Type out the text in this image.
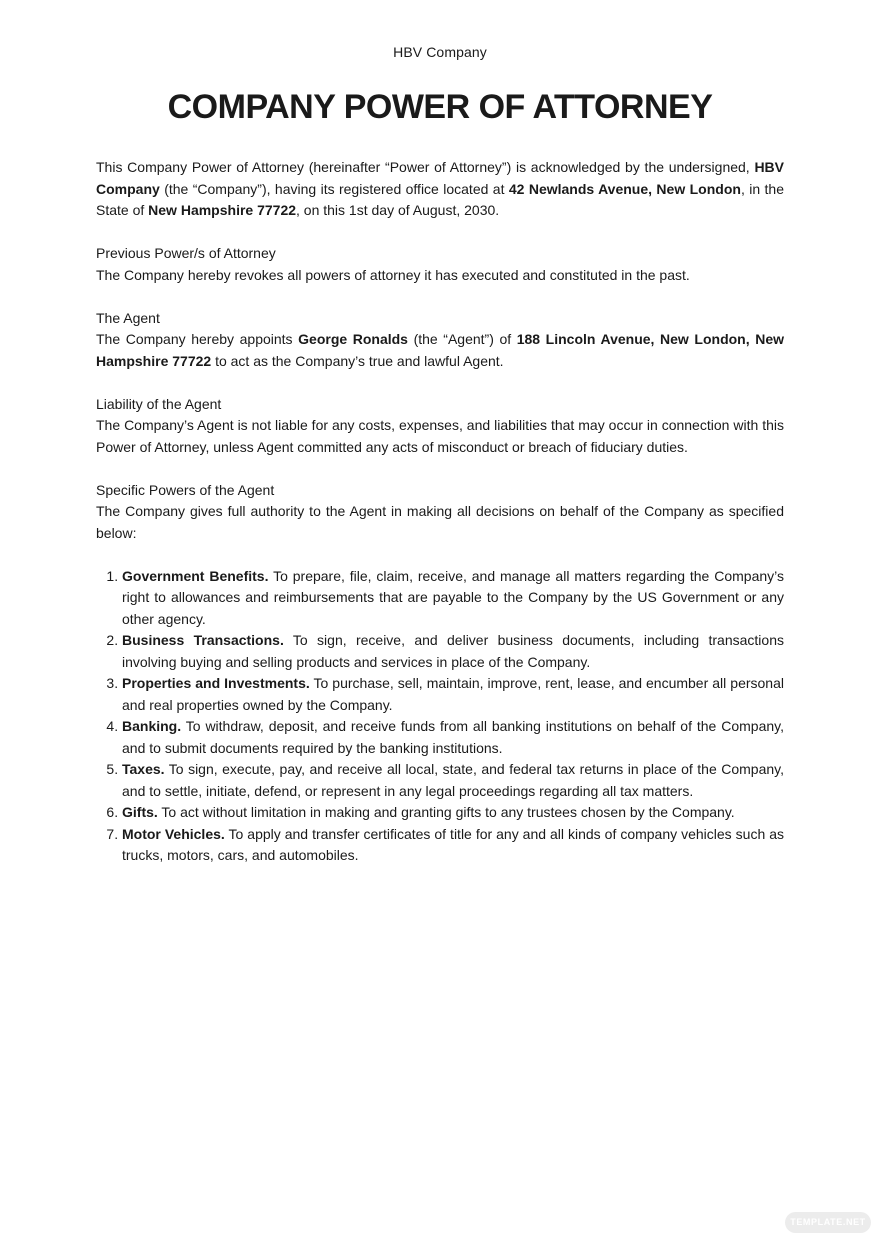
HBV Company
COMPANY POWER OF ATTORNEY

This Company Power of Attorney (hereinafter “Power of Attorney”) is acknowledged by the undersigned, HBV Company (the “Company”), having its registered office located at 42 Newlands Avenue, New London, in the State of New Hampshire 77722, on this 1st day of August, 2030.

Previous Power/s of Attorney

The Company hereby revokes all powers of attorney it has executed and constituted in the past.

The Agent

The Company hereby appoints George Ronalds (the “Agent”) of 188 Lincoln Avenue, New London, New Hampshire 77722 to act as the Company’s true and lawful Agent.

Liability of the Agent

The Company’s Agent is not liable for any costs, expenses, and liabilities that may occur in connection with this Power of Attorney, unless Agent committed any acts of misconduct or breach of fiduciary duties.

Specific Powers of the Agent

The Company gives full authority to the Agent in making all decisions on behalf of the Company as specified below:

1. Government Benefits. To prepare, file, claim, receive, and manage all matters regarding the Company’s right to allowances and reimbursements that are payable to the Company by the US Government or any other agency.
2. Business Transactions. To sign, receive, and deliver business documents, including transactions involving buying and selling products and services in place of the Company.
3. Properties and Investments. To purchase, sell, maintain, improve, rent, lease, and encumber all personal and real properties owned by the Company.
4. Banking. To withdraw, deposit, and receive funds from all banking institutions on behalf of the Company, and to submit documents required by the banking institutions.
5. Taxes. To sign, execute, pay, and receive all local, state, and federal tax returns in place of the Company, and to settle, initiate, defend, or represent in any legal proceedings regarding all tax matters.
6. Gifts. To act without limitation in making and granting gifts to any trustees chosen by the Company.
7. Motor Vehicles. To apply and transfer certificates of title for any and all kinds of company vehicles such as trucks, motors, cars, and automobiles.
TEMPLATE.NET
